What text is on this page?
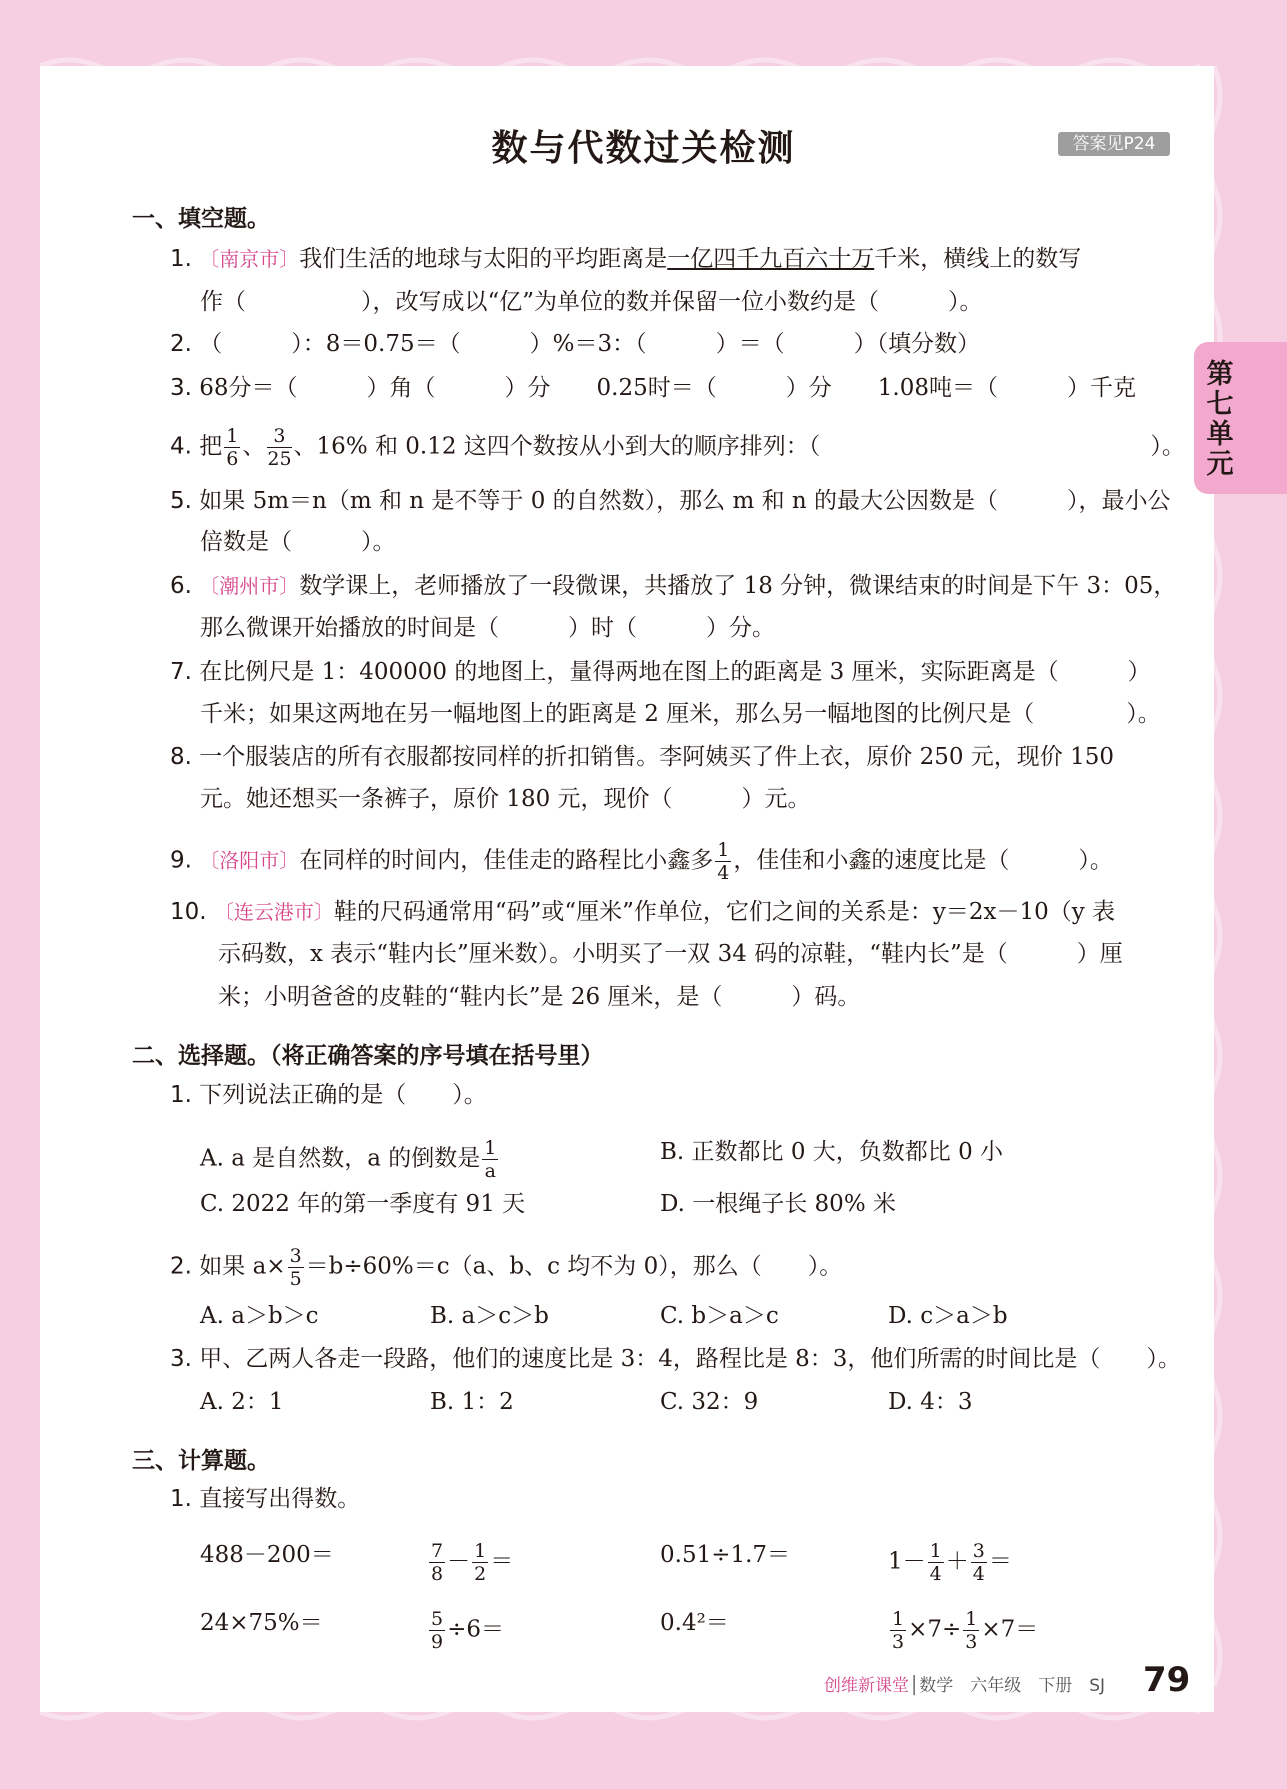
数与代数过关检测	答案见P24
第七单元
一、填空题。
1. 〔南京市〕我们生活的地球与太阳的平均距离是一亿四千九百六十万千米，横线上的数写
作（　　　　　），改写成以“亿”为单位的数并保留一位小数约是（　　　）。
2. （　　　）：8＝0.75＝（　　　）%＝3：（　　　）＝（　　　）（填分数）
3. 68分＝（　　　）角（　　　）分　　0.25时＝（　　　）分　　1.08吨＝（　　　）千克
4. 把 $\frac{1}{6}$ 、 $\frac{3}{25}$ 、16% 和 0.12 这四个数按从小到大的顺序排列：（	）。
5. 如果 5m＝n（m 和 n 是不等于 0 的自然数），那么 m 和 n 的最大公因数是（　　　），最小公
倍数是（　　　）。
6. 〔潮州市〕数学课上，老师播放了一段微课，共播放了 18 分钟，微课结束的时间是下午 3：05，
那么微课开始播放的时间是（　　　）时（　　　）分。
7. 在比例尺是 1：400000 的地图上，量得两地在图上的距离是 3 厘米，实际距离是（　　　）
千米；如果这两地在另一幅地图上的距离是 2 厘米，那么另一幅地图的比例尺是（　　　　）。
8. 一个服装店的所有衣服都按同样的折扣销售。李阿姨买了件上衣，原价 250 元，现价 150
元。她还想买一条裤子，原价 180 元，现价（　　　）元。
9. 〔洛阳市〕在同样的时间内，佳佳走的路程比小鑫多 $\frac{1}{4}$ ，佳佳和小鑫的速度比是（　　　）。
10. 〔连云港市〕鞋的尺码通常用“码”或“厘米”作单位，它们之间的关系是：y＝2x－10（y 表
示码数，x 表示“鞋内长”厘米数）。小明买了一双 34 码的凉鞋，“鞋内长”是（　　　）厘
米；小明爸爸的皮鞋的“鞋内长”是 26 厘米，是（　　　）码。
二、选择题。（将正确答案的序号填在括号里）
1. 下列说法正确的是（　　）。
A. a 是自然数，a 的倒数是 $\frac{1}{a}$	B. 正数都比 0 大，负数都比 0 小
C. 2022 年的第一季度有 91 天	D. 一根绳子长 80% 米
2. 如果 $a\times \frac{3}{5} =b\div 60\%=c(a$、b、c 均不为 0），那么（　　）。
A. a＞b＞c	B. a＞c＞b	C. b＞a＞c	D. c＞a＞b
3. 甲、乙两人各走一段路，他们的速度比是 3：4，路程比是 8：3，他们所需的时间比是（　　）。
A. 2：1	B. 1：2	C. 32：9	D. 4：3
三、计算题。
1. 直接写出得数。
488－200＝	$\frac{7}{8} - \frac{1}{2}$ ＝	0.51÷1.7＝	$1- \frac{1}{4} + \frac{3}{4}$ ＝
24×75%＝	$\frac{5}{9} \div 6=$	0.4²＝	$\frac{1}{3} \times 7\div \frac{1}{3} \times 7=$
创维新课堂│数学　六年级　下册　SJ 79
